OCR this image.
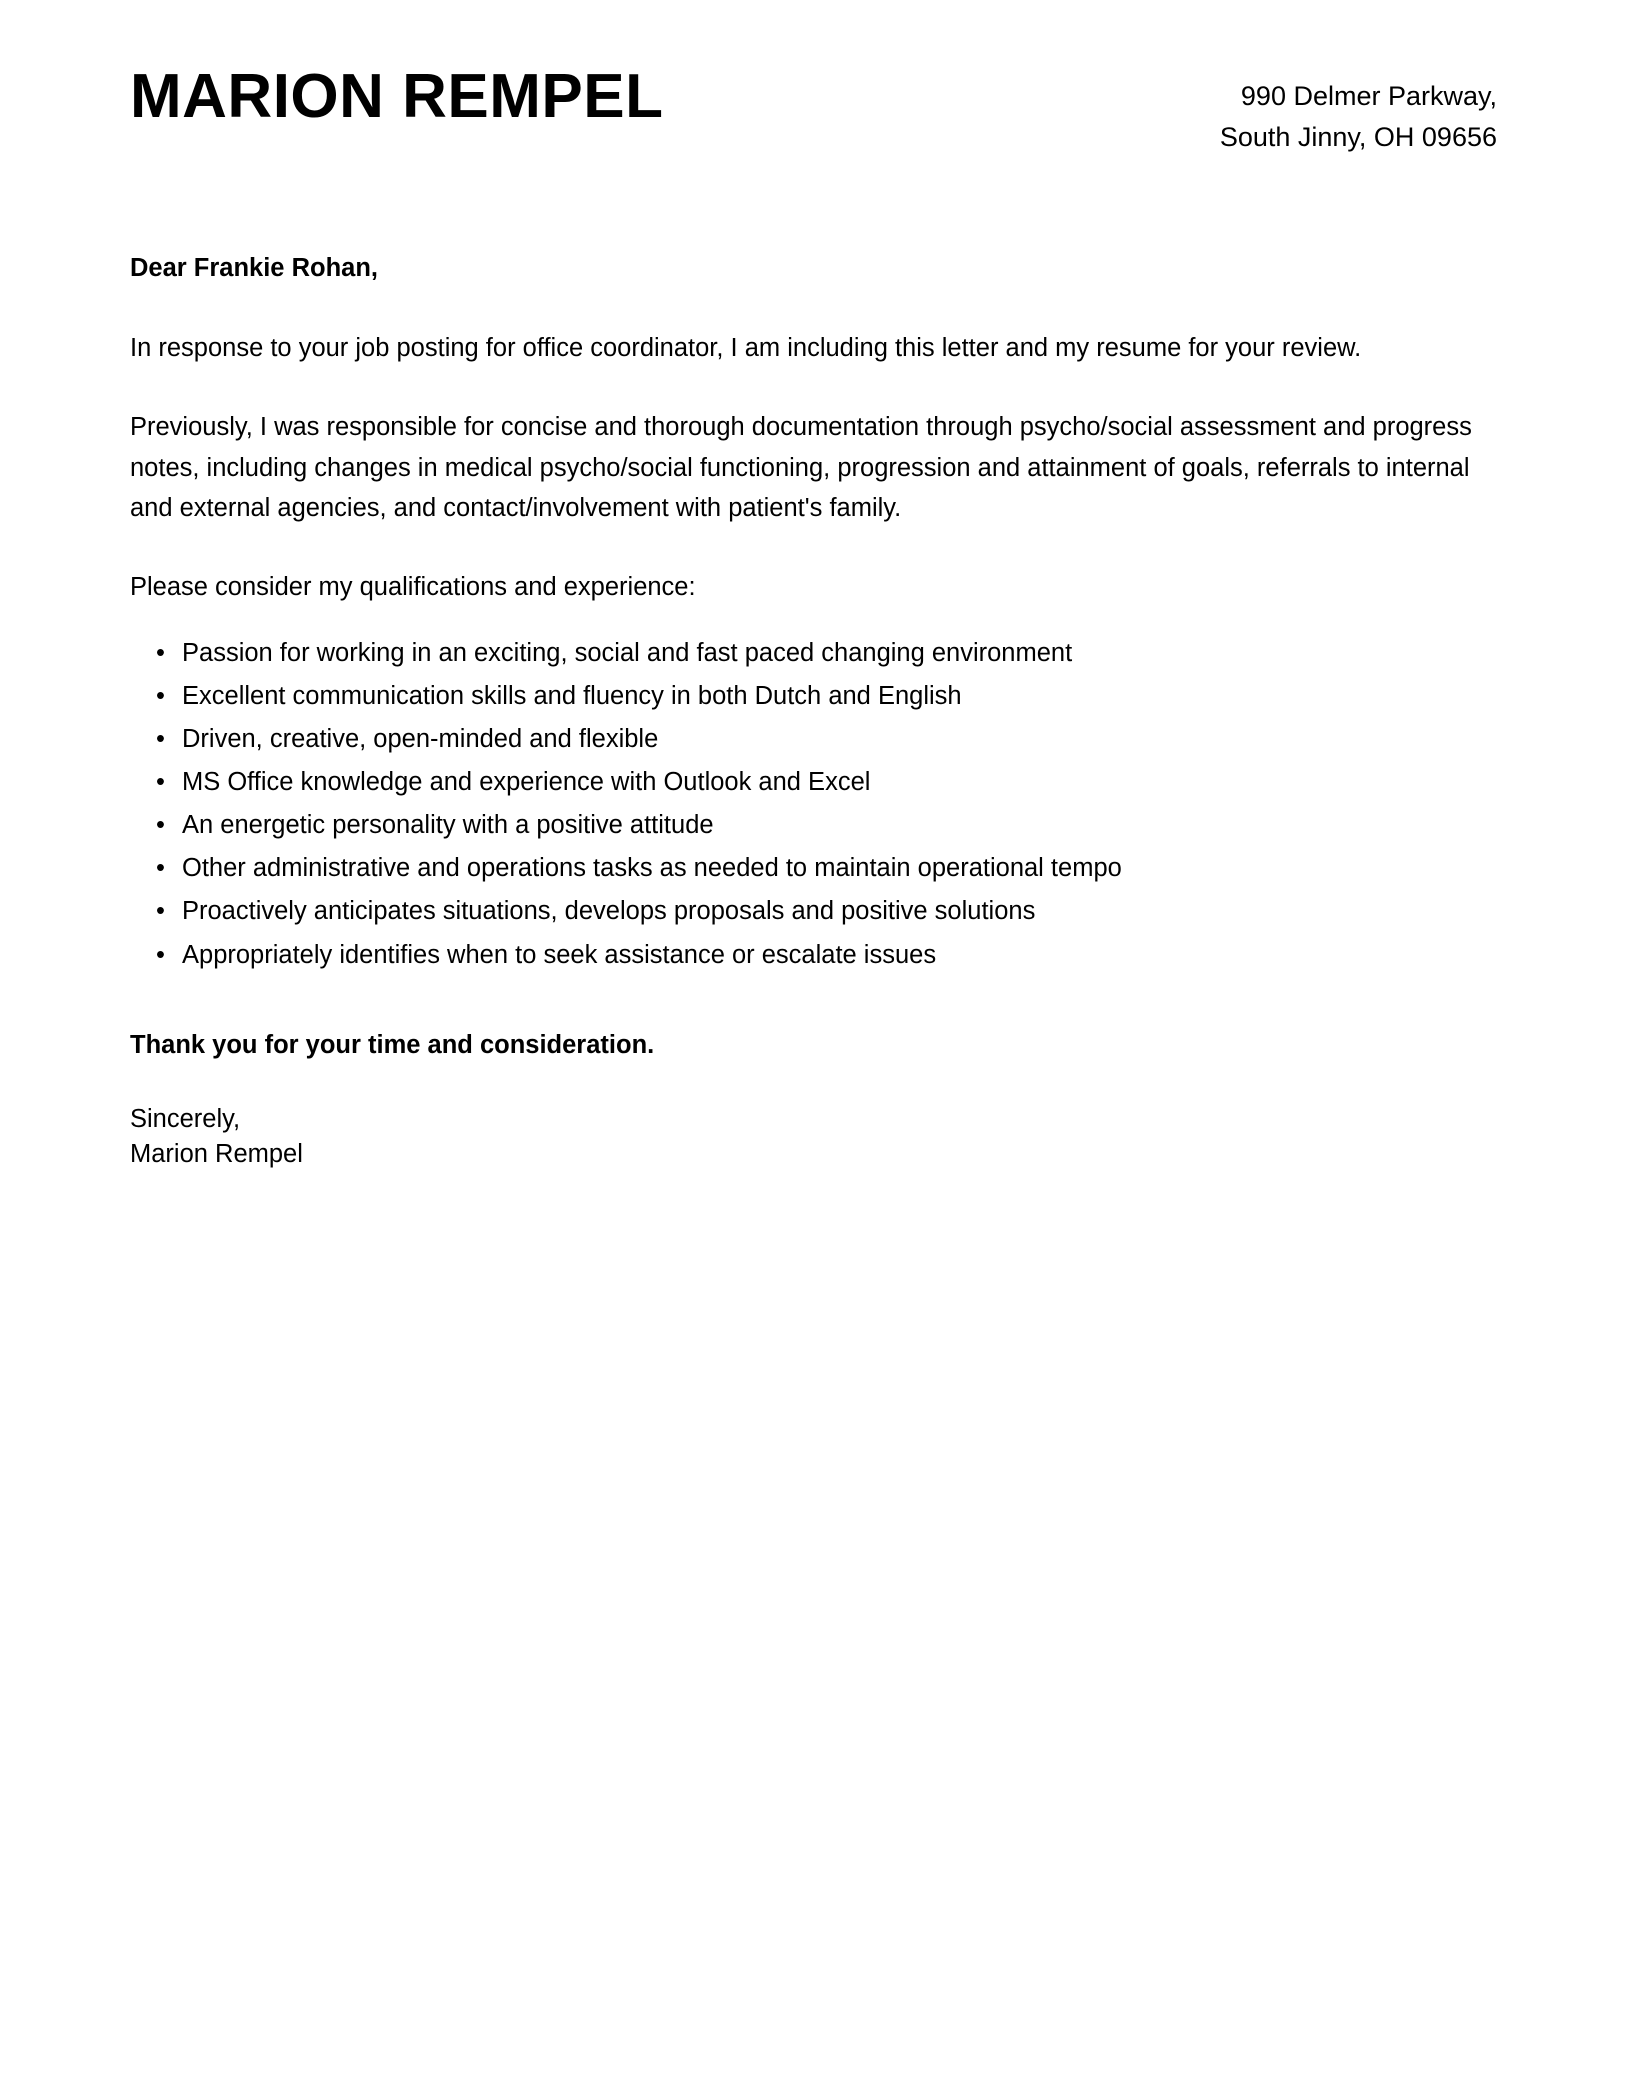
MARION REMPEL	990 Delmer Parkway,

South Jinny, OH 09656

Dear Frankie Rohan,

In response to your job posting for office coordinator, I am including this letter and my resume for your review.

Previously, I was responsible for concise and thorough documentation through psycho/social assessment and progress notes, including changes in medical psycho/social functioning, progression and attainment of goals, referrals to internal and external agencies, and contact/involvement with patient's family.

Please consider my qualifications and experience:

• Passion for working in an exciting, social and fast paced changing environment
• Excellent communication skills and fluency in both Dutch and English
• Driven, creative, open-minded and flexible
• MS Office knowledge and experience with Outlook and Excel
• An energetic personality with a positive attitude
• Other administrative and operations tasks as needed to maintain operational tempo
• Proactively anticipates situations, develops proposals and positive solutions
• Appropriately identifies when to seek assistance or escalate issues

Thank you for your time and consideration.

Sincerely,

Marion Rempel
